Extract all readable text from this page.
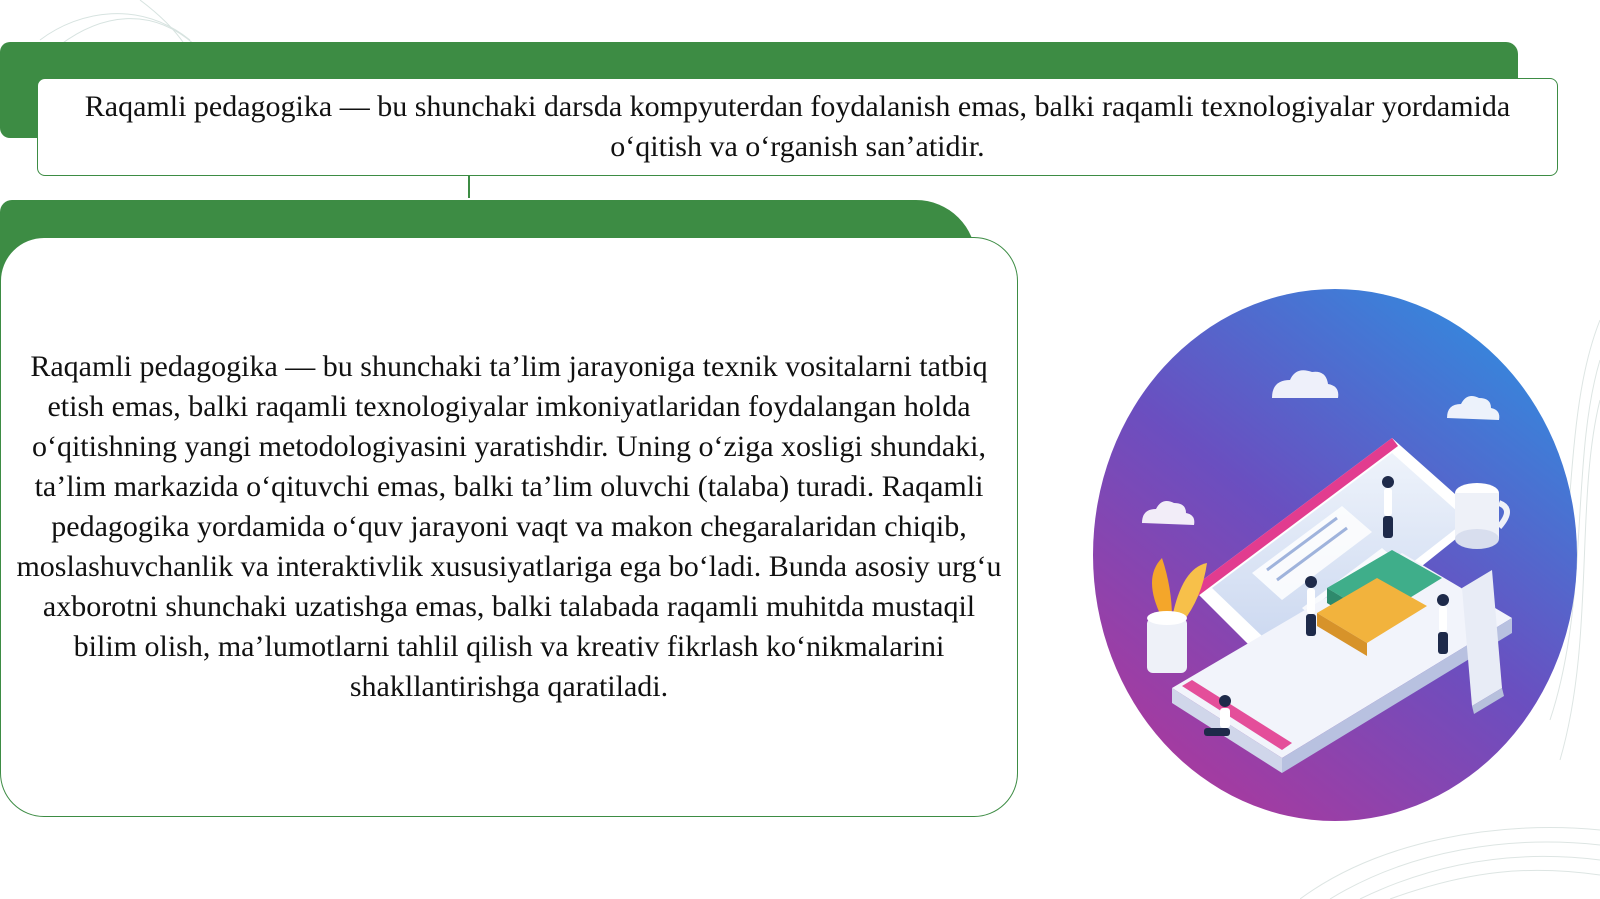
Raqamli pedagogika — bu shunchaki darsda kompyuterdan foydalanish emas, balki raqamli texnologiyalar yordamida o‘qitish va o‘rganish san’atidir.

Raqamli pedagogika — bu shunchaki ta’lim jarayoniga texnik vositalarni tatbiq etish emas, balki raqamli texnologiyalar imkoniyatlaridan foydalangan holda o‘qitishning yangi metodologiyasini yaratishdir. Uning o‘ziga xosligi shundaki, ta’lim markazida o‘qituvchi emas, balki ta’lim oluvchi (talaba) turadi. Raqamli pedagogika yordamida o‘quv jarayoni vaqt va makon chegaralaridan chiqib, moslashuvchanlik va interaktivlik xususiyatlariga ega bo‘ladi. Bunda asosiy urg‘u axborotni shunchaki uzatishga emas, balki talabada raqamli muhitda mustaqil bilim olish, ma’lumotlarni tahlil qilish va kreativ fikrlash ko‘nikmalarini shakllantirishga qaratiladi.
